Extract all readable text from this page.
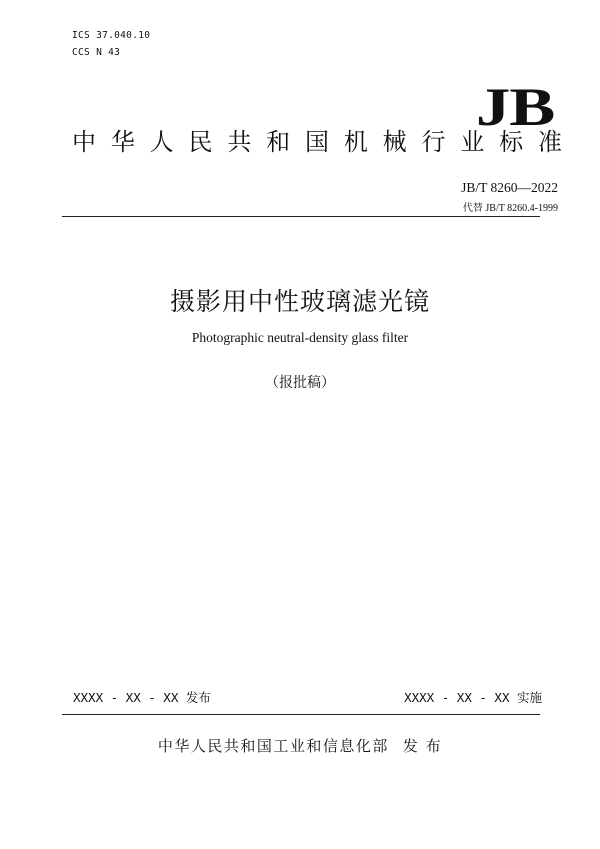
ICS 37.040.10
CCS N 43
JB
中华人民共和国机械行业标准
JB/T 8260—2022
代替 JB/T 8260.4-1999
摄影用中性玻璃滤光镜
Photographic neutral-density glass filter
（报批稿）
XXXX - XX - XX 发布	XXXX - XX - XX 实施
中华人民共和国工业和信息化部 发 布
